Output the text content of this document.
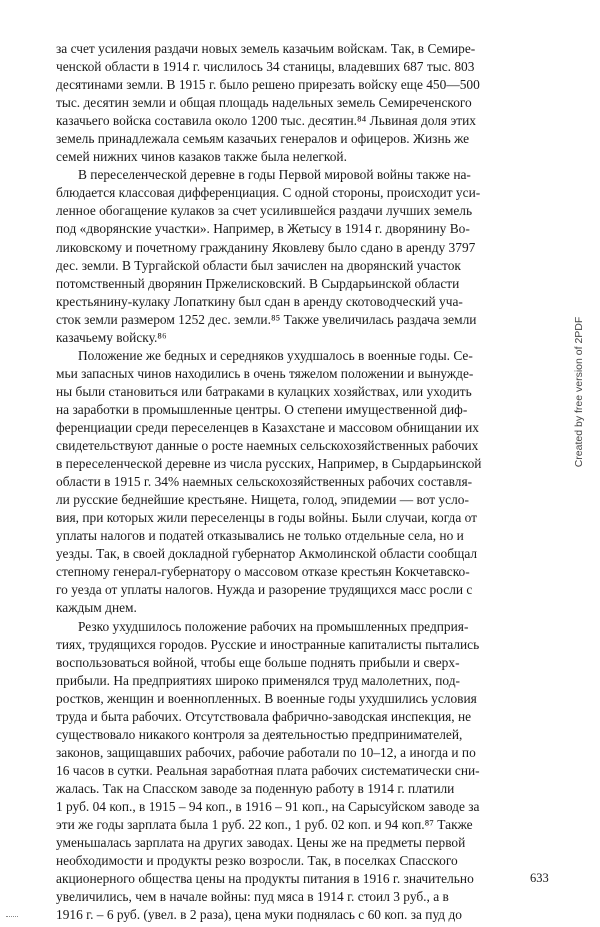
за счет усиления раздачи новых земель казачьим войскам. Так, в Семире-
ченской области в 1914 г. числилось 34 станицы, владевших 687 тыс. 803
десятинами земли. В 1915 г. было решено прирезать войску еще 450—500
тыс. десятин земли и общая площадь надельных земель Семиреченского
казачьего войска составила около 1200 тыс. десятин.⁸⁴ Львиная доля этих
земель принадлежала семьям казачьих генералов и офицеров. Жизнь же
семей нижних чинов казаков также была нелегкой.

В переселенческой деревне в годы Первой мировой войны также на-
блюдается классовая дифференциация. С одной стороны, происходит уси-
ленное обогащение кулаков за счет усилившейся раздачи лучших земель
под «дворянские участки». Например, в Жетысу в 1914 г. дворянину Во-
ликовскому и почетному гражданину Яковлеву было сдано в аренду 3797
дес. земли. В Тургайской области был зачислен на дворянский участок
потомственный дворянин Пржелисковский. В Сырдарьинской области
крестьянину-кулаку Лопаткину был сдан в аренду скотоводческий уча-
сток земли размером 1252 дес. земли.⁸⁵ Также увеличилась раздача земли
казачьему войску.⁸⁶

Положение же бедных и середняков ухудшалось в военные годы. Се-
мьи запасных чинов находились в очень тяжелом положении и вынужде-
ны были становиться или батраками в кулацких хозяйствах, или уходить
на заработки в промышленные центры. О степени имущественной диф-
ференциации среди переселенцев в Казахстане и массовом обнищании их
свидетельствуют данные о росте наемных сельскохозяйственных рабочих
в переселенческой деревне из числа русских, Например, в Сырдарьинской
области в 1915 г. 34% наемных сельскохозяйственных рабочих составля-
ли русские беднейшие крестьяне. Нищета, голод, эпидемии — вот усло-
вия, при которых жили переселенцы в годы войны. Были случаи, когда от
уплаты налогов и податей отказывались не только отдельные села, но и
уезды. Так, в своей докладной губернатор Акмолинской области сообщал
степному генерал-губернатору о массовом отказе крестьян Кокчетавско-
го уезда от уплаты налогов. Нужда и разорение трудящихся масс росли с
каждым днем.

Резко ухудшилось положение рабочих на промышленных предприя-
тиях, трудящихся городов. Русские и иностранные капиталисты пытались
воспользоваться войной, чтобы еще больше поднять прибыли и сверх-
прибыли. На предприятиях широко применялся труд малолетних, под-
ростков, женщин и военнопленных. В военные годы ухудшились условия
труда и быта рабочих. Отсутствовала фабрично-заводская инспекция, не
существовало никакого контроля за деятельностью предпринимателей,
законов, защищавших рабочих, рабочие работали по 10–12, а иногда и по
16 часов в сутки. Реальная заработная плата рабочих систематически сни-
жалась. Так на Спасском заводе за поденную работу в 1914 г. платили
1 руб. 04 коп., в 1915 – 94 коп., в 1916 – 91 коп., на Сарысуйском заводе за
эти же годы зарплата была 1 руб. 22 коп., 1 руб. 02 коп. и 94 коп.⁸⁷ Также
уменьшалась зарплата на других заводах. Цены же на предметы первой
необходимости и продукты резко возросли. Так, в поселках Спасского
акционерного общества цены на продукты питания в 1916 г. значительно
увеличились, чем в начале войны: пуд мяса в 1914 г. стоил 3 руб., а в
1916 г. – 6 руб. (увел. в 2 раза), цена муки поднялась с 60 коп. за пуд до

633
Created by free version of 2PDF
